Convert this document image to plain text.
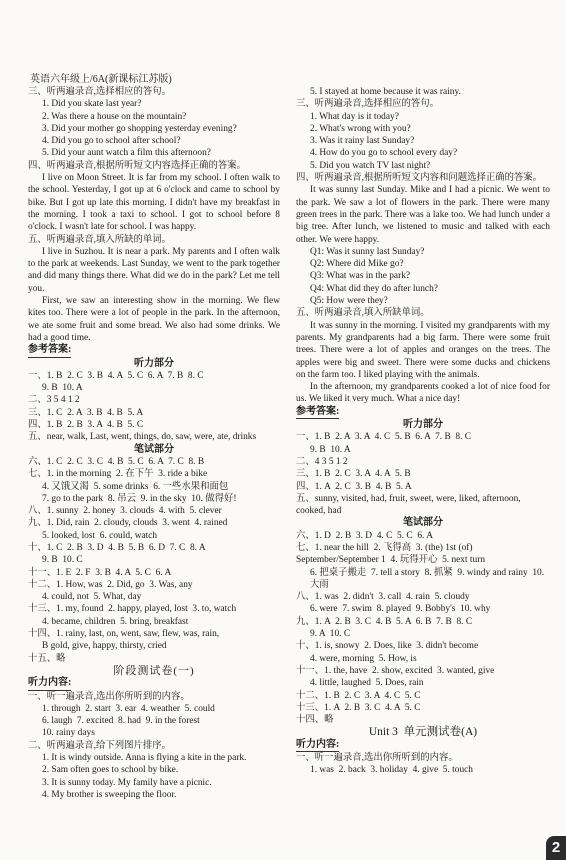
英语六年级上/6A(新课标江苏版)

三、听两遍录音,选择相应的答句。

1. Did you skate last year?

2. Was there a house on the mountain?

3. Did your mother go shopping yesterday evening?

4. Did you go to school after school?

5. Did your aunt watch a film this afternoon?

四、听两遍录音,根据所听短文内容选择正确的答案。

I live on Moon Street. It is far from my school. I often walk to the school. Yesterday, I got up at 6 o'clock and came to school by bike. But I got up late this morning. I didn't have my breakfast in the morning. I took a taxi to school. I got to school before 8 o'clock. I wasn't late for school. I was happy.

五、听两遍录音,填入所缺的单词。

I live in Suzhou. It is near a park. My parents and I often walk to the park at weekends. Last Sunday, we went to the park together and did many things there. What did we do in the park? Let me tell you.

First, we saw an interesting show in the morning. We flew kites too. There were a lot of people in the park. In the afternoon, we ate some fruit and some bread. We also had some drinks. We had a good time.

参考答案:

听力部分

一、1. B  2. C  3. B  4. A  5. C  6. A  7. B  8. C

9. B  10. A

二、3 5 4 1 2

三、1. C  2. A  3. B  4. B  5. A

四、1. B  2. B  3. A  4. B  5. C

五、near, walk, Last, went, things, do, saw, were, ate, drinks

笔试部分

六、1. C  2. C  3. C  4. B  5. C  6. A  7. C  8. B

七、1. in the morning  2. 在下午  3. ride a bike

4. 又饿又渴  5. some drinks  6. 一些水果和面包

7. go to the park  8. 吊云  9. in the sky  10. 做得好!

八、1. sunny  2. honey  3. clouds  4. with  5. clever

九、1. Did, rain  2. cloudy, clouds  3. went  4. rained

5. looked, lost  6. could, watch

十、1. C  2. B  3. D  4. B  5. B  6. D  7. C  8. A

9. B  10. C

十一、1. E  2. F  3. B  4. A  5. C  6. A

十二、1. How, was  2. Did, go  3. Was, any

4. could, not  5. What, day

十三、1. my, found  2. happy, played, lost  3. to, watch

4. became, children  5. bring, breakfast

十四、1. rainy, last, on, went, saw, flew, was, rain,

B gold, give, happy, thirsty, cried

十五、略

阶段测试卷(一)

听力内容:

一、听一遍录音,选出你所听到的内容。

1. through  2. start  3. ear  4. weather  5. could

6. laugh  7. excited  8. had  9. in the forest

10. rainy days

二、听两遍录音,给下列图片排序。

1. It is windy outside. Anna is flying a kite in the park.

2. Sam often goes to school by bike.

3. It is sunny today. My family have a picnic.

4. My brother is sweeping the floor.

5. I stayed at home because it was rainy.

三、听两遍录音,选择相应的答句。

1. What day is it today?

2. What's wrong with you?

3. Was it rainy last Sunday?

4. How do you go to school every day?

5. Did you watch TV last night?

四、听两遍录音,根据所听短文内容和问题选择正确的答案。

It was sunny last Sunday. Mike and I had a picnic. We went to the park. We saw a lot of flowers in the park. There were many green trees in the park. There was a lake too. We had lunch under a big tree. After lunch, we listened to music and talked with each other. We were happy.

Q1: Was it sunny last Sunday?

Q2: Where did Mike go?

Q3: What was in the park?

Q4: What did they do after lunch?

Q5: How were they?

五、听两遍录音,填入所缺单词。

It was sunny in the morning. I visited my grandparents with my parents. My grandparents had a big farm. There were some fruit trees. There were a lot of apples and oranges on the trees. The apples were big and sweet. There were some ducks and chickens on the farm too. I liked playing with the animals.

In the afternoon, my grandparents cooked a lot of nice food for us. We liked it very much. What a nice day!

参考答案:

听力部分

一、1. B  2. A  3. A  4. C  5. B  6. A  7. B  8. C

9. B  10. A

二、4 3 5 1 2

三、1. B  2. C  3. A  4. A  5. B

四、1. A  2. C  3. B  4. B  5. A

五、sunny, visited, had, fruit, sweet, were, liked, afternoon, cooked, had

笔试部分

六、1. D  2. B  3. D  4. C  5. C  6. A

七、1. near the hill  2. 飞得高  3. (the) 1st (of) September/September 1  4. 玩得开心  5. next turn

6. 把桌子搬走  7. tell a story  8. 抓紧  9. windy and rainy  10. 大雨

八、1. was  2. didn't  3. call  4. rain  5. cloudy

6. were  7. swim  8. played  9. Bobby's  10. why

九、1. A  2. B  3. C  4. B  5. A  6. B  7. B  8. C

9. A  10. C

十、1. is, snowy  2. Does, like  3. didn't become

4. were, morning  5. How, is

十一、1. the, have  2. show, excited  3. wanted, give

4. little, laughed  5. Does, rain

十二、1. B  2. C  3. A  4. C  5. C

十三、1. A  2. B  3. C  4. A  5. C

十四、略

Unit 3  单元测试卷(A)

听力内容:

一、听一遍录音,选出你所听到的内容。

1. was  2. back  3. holiday  4. give  5. touch

2
